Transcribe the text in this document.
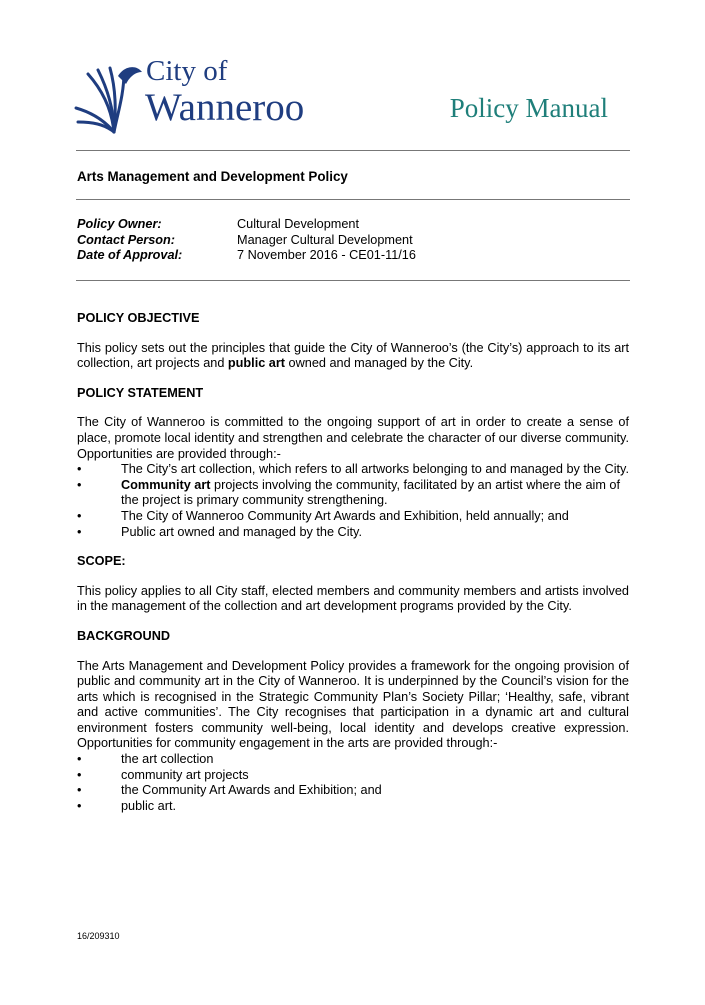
City of
Wanneroo	Policy Manual
Arts Management and Development Policy
Policy Owner:	Cultural Development
Contact Person:	Manager Cultural Development
Date of Approval:	7 November 2016 - CE01-11/16
POLICY OBJECTIVE

This policy sets out the principles that guide the City of Wanneroo’s (the City’s) approach to its art collection, art projects and public art owned and managed by the City.

POLICY STATEMENT

The City of Wanneroo is committed to the ongoing support of art in order to create a sense of place, promote local identity and strengthen and celebrate the character of our diverse community. Opportunities are provided through:-

• The City’s art collection, which refers to all artworks belonging to and managed by the City.
• Community art projects involving the community, facilitated by an artist where the aim of the project is primary community strengthening.
• The City of Wanneroo Community Art Awards and Exhibition, held annually; and
• Public art owned and managed by the City.
SCOPE:

This policy applies to all City staff, elected members and community members and artists involved in the management of the collection and art development programs provided by the City.

BACKGROUND

The Arts Management and Development Policy provides a framework for the ongoing provision of public and community art in the City of Wanneroo. It is underpinned by the Council’s vision for the arts which is recognised in the Strategic Community Plan’s Society Pillar; ‘Healthy, safe, vibrant and active communities’. The City recognises that participation in a dynamic art and cultural environment fosters community well-being, local identity and develops creative expression. Opportunities for community engagement in the arts are provided through:-

• the art collection
• community art projects
• the Community Art Awards and Exhibition; and
• public art.
16/209310
